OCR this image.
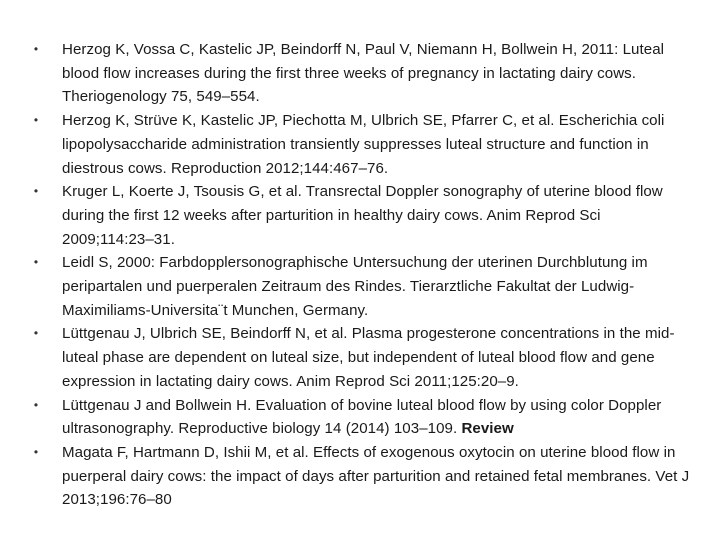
• Herzog K, Vossa C, Kastelic JP, Beindorff N, Paul V, Niemann H, Bollwein H, 2011: Luteal blood flow increases during the first three weeks of pregnancy in lactating dairy cows. Theriogenology 75, 549–554.
• Herzog K, Strüve K, Kastelic JP, Piechotta M, Ulbrich SE, Pfarrer C, et al. Escherichia coli lipopolysaccharide administration transiently suppresses luteal structure and function in diestrous cows. Reproduction 2012;144:467–76.
• Kruger L, Koerte J, Tsousis G, et al. Transrectal Doppler sonography of uterine blood flow during the first 12 weeks after parturition in healthy dairy cows. Anim Reprod Sci 2009;114:23–31.
• Leidl S, 2000: Farbdopplersonographische Untersuchung der uterinen Durchblutung im peripartalen und puerperalen Zeitraum des Rindes. Tierarztliche Fakultat der Ludwig-Maximiliams-Universita¨t Munchen, Germany.
• Lüttgenau J, Ulbrich SE, Beindorff N, et al. Plasma progesterone concentrations in the mid-luteal phase are dependent on luteal size, but independent of luteal blood flow and gene expression in lactating dairy cows. Anim Reprod Sci 2011;125:20–9.
• Lüttgenau J and Bollwein H. Evaluation of bovine luteal blood flow by using color Doppler ultrasonography. Reproductive biology 14 (2014) 103–109. Review
• Magata F, Hartmann D, Ishii M, et al. Effects of exogenous oxytocin on uterine blood flow in puerperal dairy cows: the impact of days after parturition and retained fetal membranes. Vet J 2013;196:76–80
